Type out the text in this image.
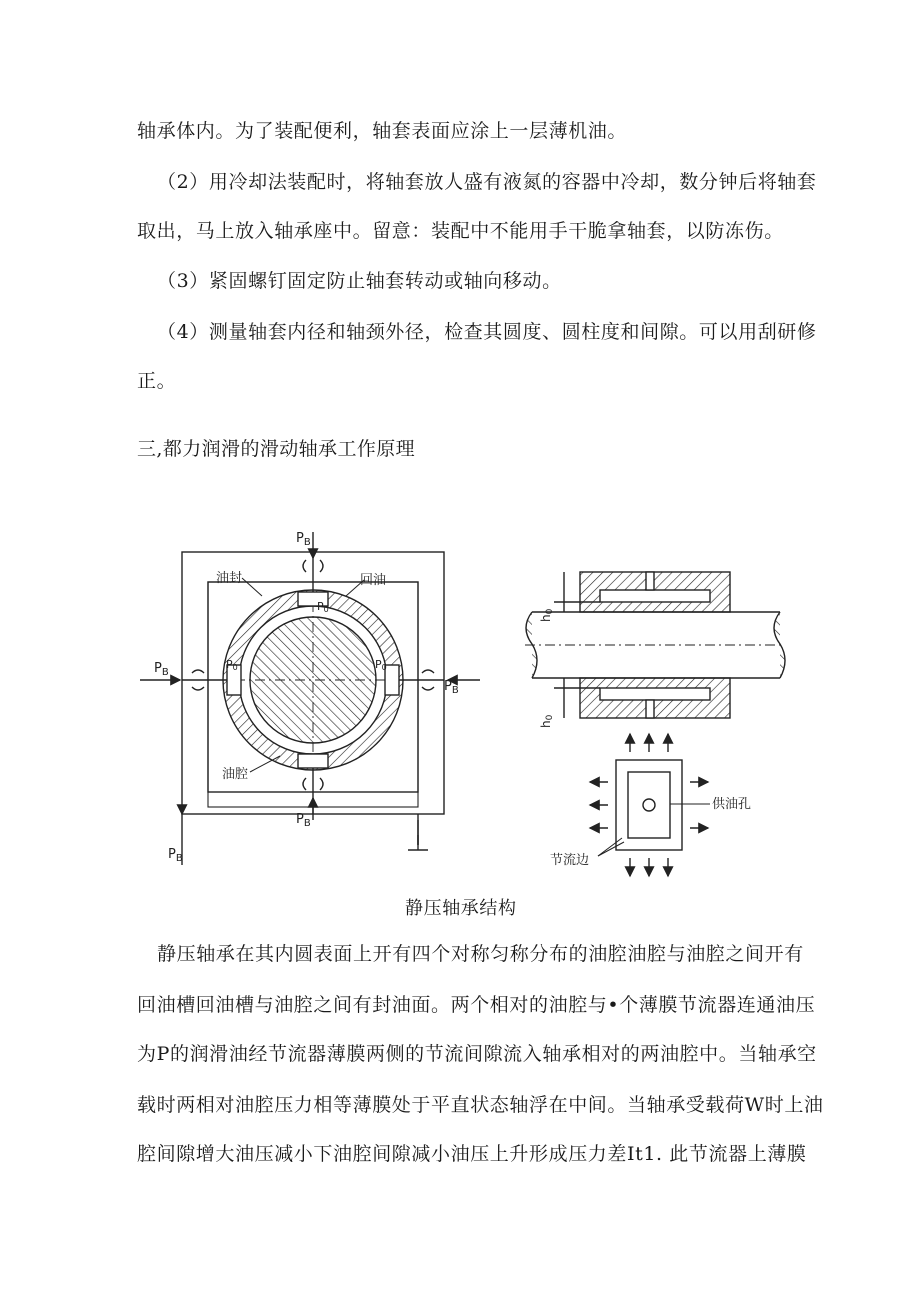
轴承体内。为了装配便利，轴套表面应涂上一层薄机油。
（2）用冷却法装配时，将轴套放人盛有液氮的容器中冷却，数分钟后将轴套
取出，马上放入轴承座中。留意：装配中不能用手干脆拿轴套，以防冻伤。
（3）紧固螺钉固定防止轴套转动或轴向移动。
（4）测量轴套内径和轴颈外径，检查其圆度、圆柱度和间隙。可以用刮研修
正。
三,都力润滑的滑动轴承工作原理
$P_B$
$P_B$
$P_B$
$P_B$
$P_B$
P0
P0	P0
油封	回油
油腔
h0
h0
供油孔
节流边
静压轴承结构
静压轴承在其内圆表面上开有四个对称匀称分布的油腔油腔与油腔之间开有
回油槽回油槽与油腔之间有封油面。两个相对的油腔与•个薄膜节流器连通油压
为P的润滑油经节流器薄膜两侧的节流间隙流入轴承相对的两油腔中。当轴承空
载时两相对油腔压力相等薄膜处于平直状态轴浮在中间。当轴承受载荷W时上油
腔间隙增大油压减小下油腔间隙减小油压上升形成压力差It1. 此节流器上薄膜
